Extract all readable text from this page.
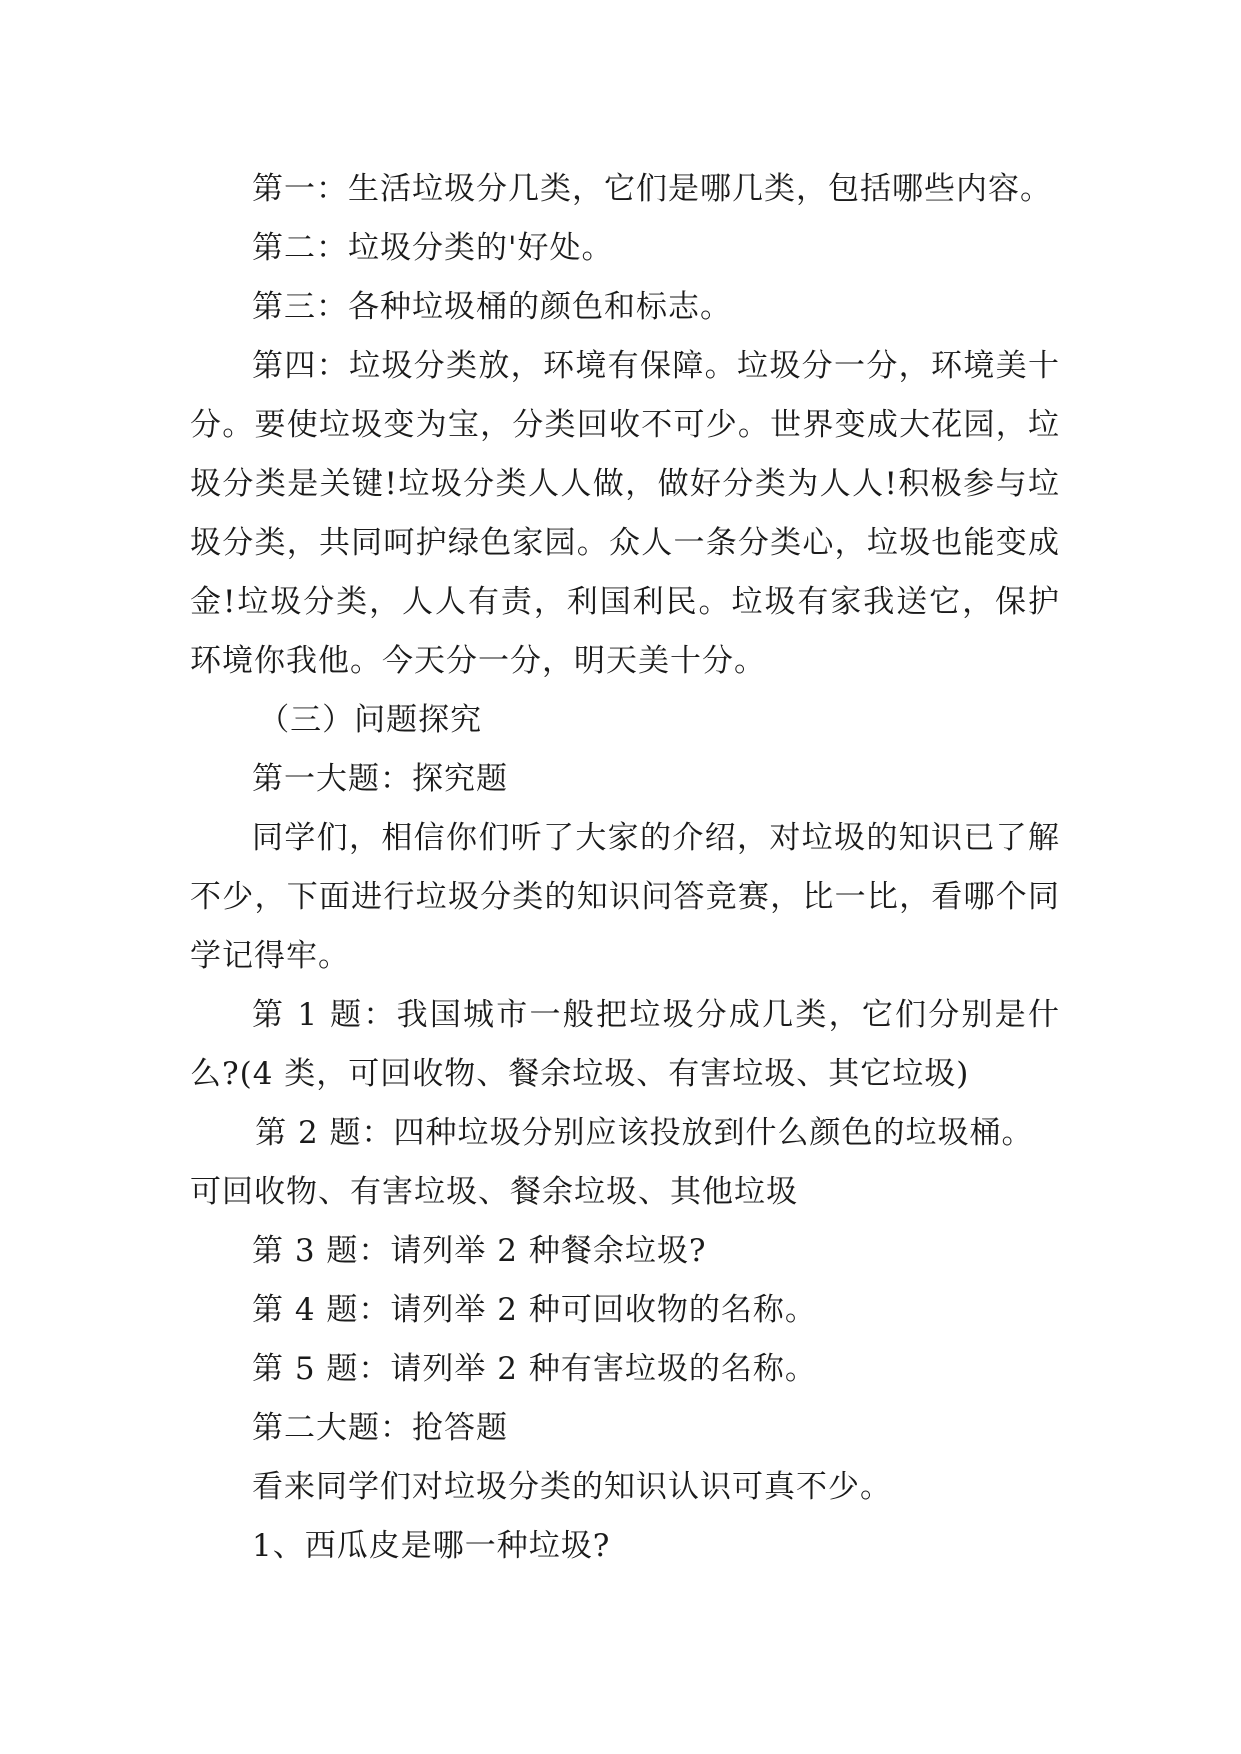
第一：生活垃圾分几类，它们是哪几类，包括哪些内容。

第二：垃圾分类的'好处。

第三：各种垃圾桶的颜色和标志。

第四：垃圾分类放，环境有保障。垃圾分一分，环境美十分。要使垃圾变为宝，分类回收不可少。世界变成大花园，垃圾分类是关键!垃圾分类人人做，做好分类为人人!积极参与垃圾分类，共同呵护绿色家园。众人一条分类心，垃圾也能变成金!垃圾分类，人人有责，利国利民。垃圾有家我送它，保护环境你我他。今天分一分，明天美十分。

（三）问题探究

第一大题：探究题

同学们，相信你们听了大家的介绍，对垃圾的知识已了解不少，下面进行垃圾分类的知识问答竞赛，比一比，看哪个同学记得牢。

第 1 题：我国城市一般把垃圾分成几类，它们分别是什么?(4 类，可回收物、餐余垃圾、有害垃圾、其它垃圾)

第 2 题：四种垃圾分别应该投放到什么颜色的垃圾桶。

可回收物、有害垃圾、餐余垃圾、其他垃圾

第 3 题：请列举 2 种餐余垃圾?

第 4 题：请列举 2 种可回收物的名称。

第 5 题：请列举 2 种有害垃圾的名称。

第二大题：抢答题

看来同学们对垃圾分类的知识认识可真不少。

1、西瓜皮是哪一种垃圾?
